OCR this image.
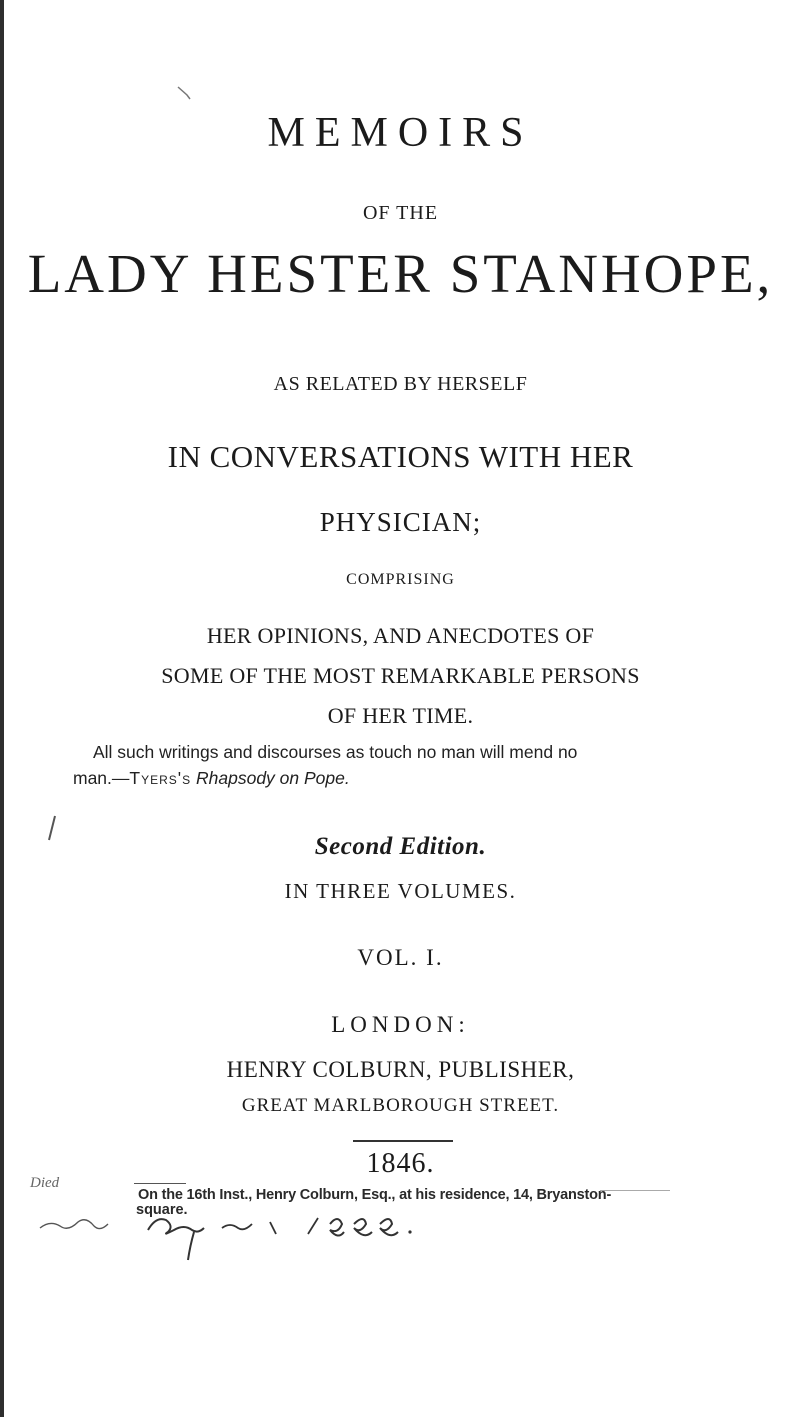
MEMOIRS
OF THE
LADY HESTER STANHOPE,
AS RELATED BY HERSELF
IN CONVERSATIONS WITH HER
PHYSICIAN;
COMPRISING
HER OPINIONS, AND ANECDOTES OF
SOME OF THE MOST REMARKABLE PERSONS
OF HER TIME.
All such writings and discourses as touch no man will mend no
man.—Tyers's Rhapsody on Pope.
Second Edition.
IN THREE VOLUMES.
VOL. I.
LONDON:
HENRY COLBURN, PUBLISHER,
GREAT MARLBOROUGH STREET.
1846.
Died
On the 16th Inst., Henry Colburn, Esq., at his residence, 14, Bryanston-
square.
